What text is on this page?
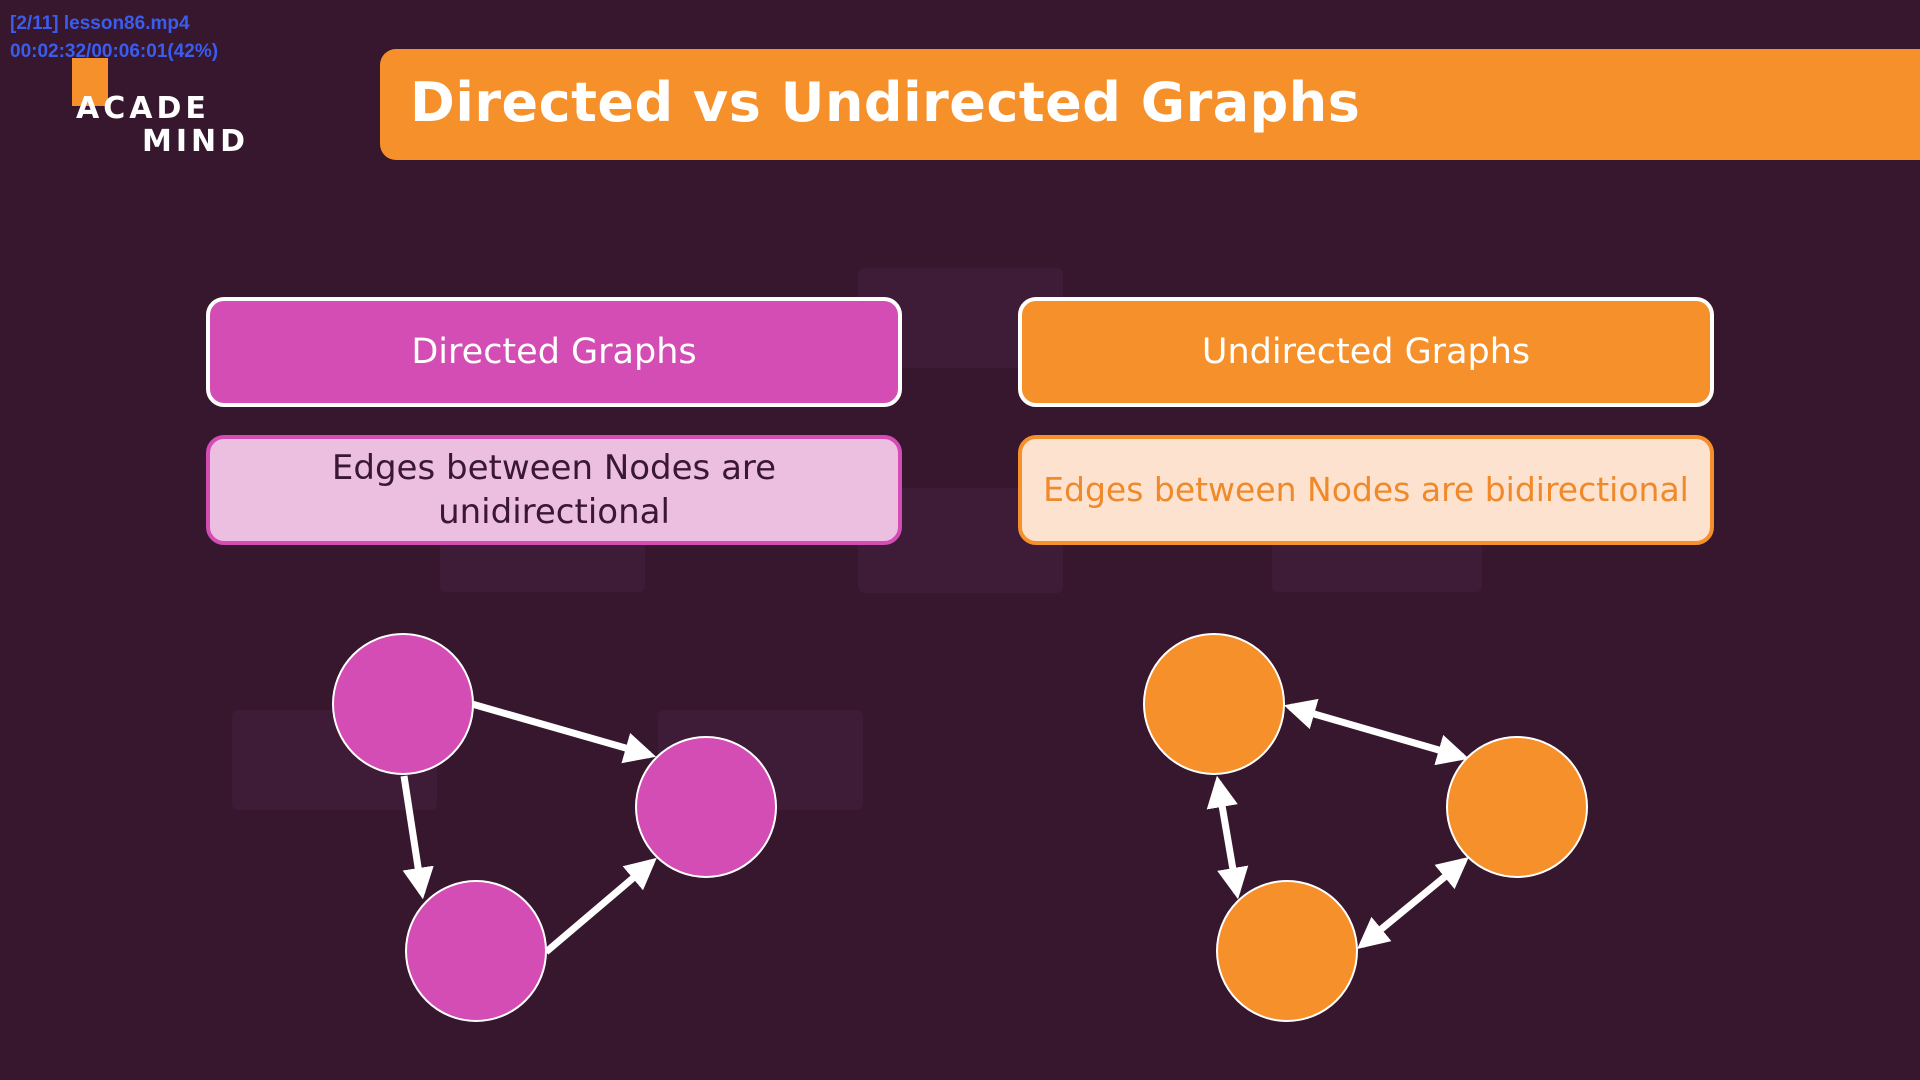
[2/11] lesson86.mp4
00:02:32/00:06:01(42%)
ACADE
MIND
Directed vs Undirected Graphs
Directed Graphs
Edges between Nodes are unidirectional
Undirected Graphs
Edges between Nodes are bidirectional
